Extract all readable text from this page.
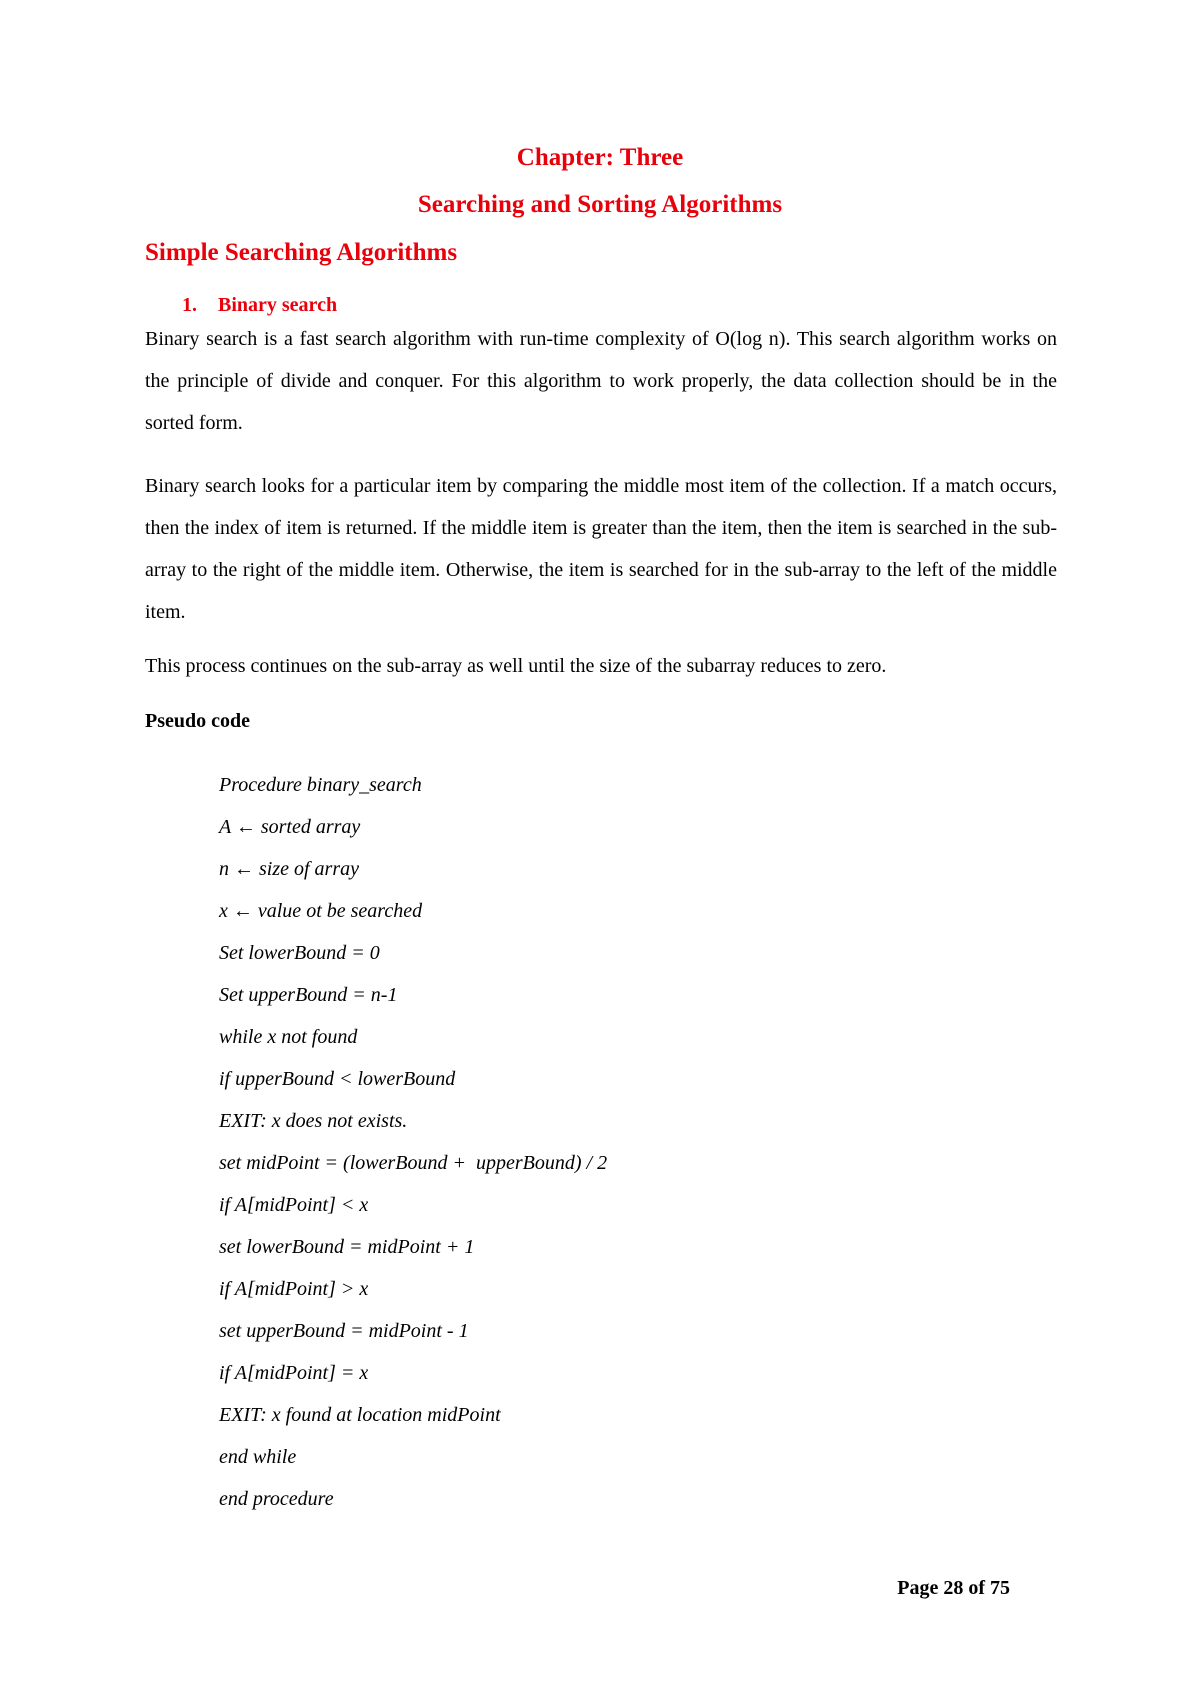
Chapter: Three
Searching and Sorting Algorithms
Simple Searching Algorithms
1. Binary search
Binary search is a fast search algorithm with run-time complexity of O(log n). This search algorithm works on the principle of divide and conquer. For this algorithm to work properly, the data collection should be in the sorted form.
Binary search looks for a particular item by comparing the middle most item of the collection. If a match occurs, then the index of item is returned. If the middle item is greater than the item, then the item is searched in the sub-array to the right of the middle item. Otherwise, the item is searched for in the sub-array to the left of the middle item.
This process continues on the sub-array as well until the size of the subarray reduces to zero.
Pseudo code
Procedure binary_search
A ← sorted array
n ← size of array
x ← value ot be searched
Set lowerBound = 0
Set upperBound = n-1
while x not found
if upperBound < lowerBound
EXIT: x does not exists.
set midPoint = (lowerBound +  upperBound) / 2
if A[midPoint] < x
set lowerBound = midPoint + 1
if A[midPoint] > x
set upperBound = midPoint - 1
if A[midPoint] = x
EXIT: x found at location midPoint
end while
end procedure
Page 28 of 75
